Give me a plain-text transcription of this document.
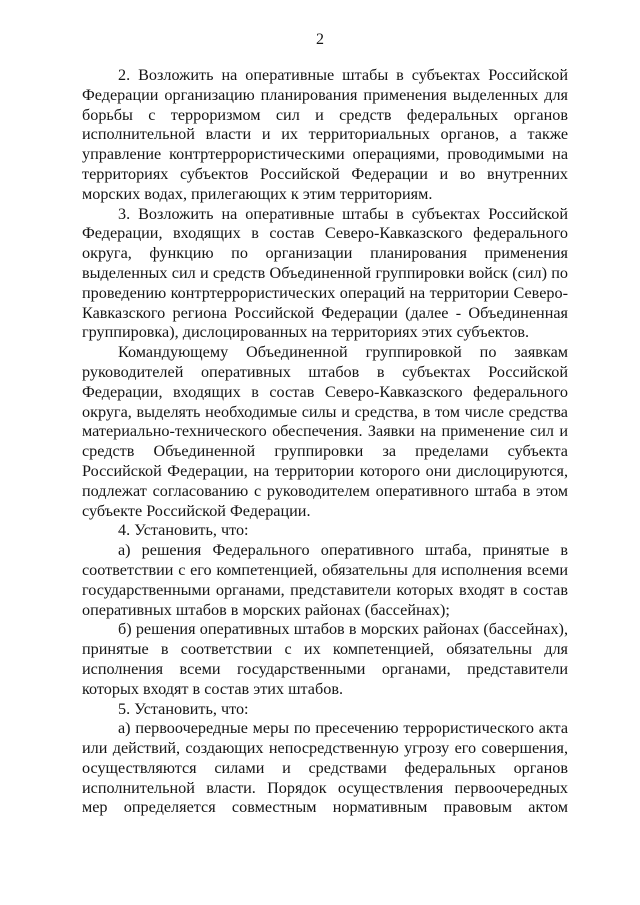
2

2. Возложить на оперативные штабы в субъектах Российской Федерации организацию планирования применения выделенных для борьбы с терроризмом сил и средств федеральных органов исполнительной власти и их территориальных органов, а также управление контртеррористическими операциями, проводимыми на территориях субъектов Российской Федерации и во внутренних морских водах, прилегающих к этим территориям.

3. Возложить на оперативные штабы в субъектах Российской Федерации, входящих в состав Северо-Кавказского федерального округа, функцию по организации планирования применения выделенных сил и средств Объединенной группировки войск (сил) по проведению контртеррористических операций на территории Северо-Кавказского региона Российской Федерации (далее - Объединенная группировка), дислоцированных на территориях этих субъектов.

Командующему Объединенной группировкой по заявкам руководителей оперативных штабов в субъектах Российской Федерации, входящих в состав Северо-Кавказского федерального округа, выделять необходимые силы и средства, в том числе средства материально-технического обеспечения. Заявки на применение сил и средств Объединенной группировки за пределами субъекта Российской Федерации, на территории которого они дислоцируются, подлежат согласованию с руководителем оперативного штаба в этом субъекте Российской Федерации.

4. Установить, что:

а) решения Федерального оперативного штаба, принятые в соответствии с его компетенцией, обязательны для исполнения всеми государственными органами, представители которых входят в состав оперативных штабов в морских районах (бассейнах);

б) решения оперативных штабов в морских районах (бассейнах), принятые в соответствии с их компетенцией, обязательны для исполнения всеми государственными органами, представители которых входят в состав этих штабов.

5. Установить, что:

а) первоочередные меры по пресечению террористического акта или действий, создающих непосредственную угрозу его совершения, осуществляются силами и средствами федеральных органов исполнительной власти. Порядок осуществления первоочередных мер определяется совместным нормативным правовым актом
